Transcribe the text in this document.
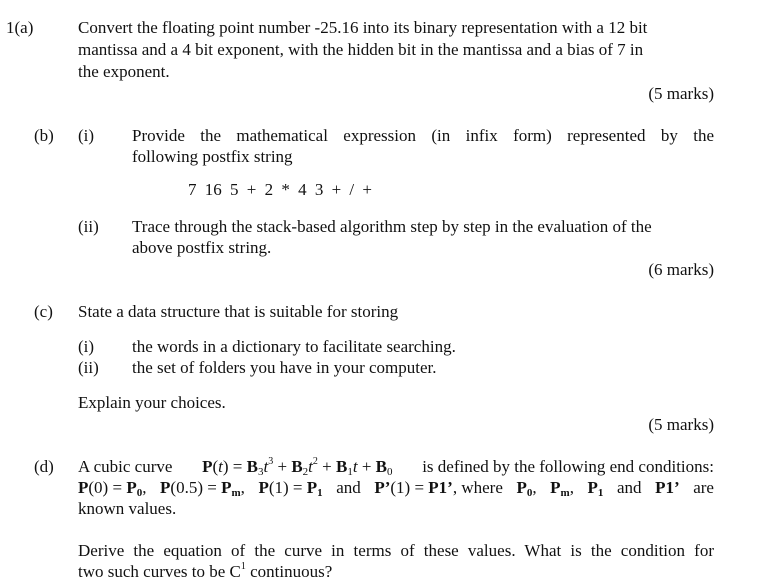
1(a)	Convert the floating point number -25.16 into its binary representation with a 12 bit
mantissa and a 4 bit exponent, with the hidden bit in the mantissa and a bias of 7 in
the exponent.
(5 marks)
(b) (i) Provide the mathematical expression (in infix form) represented by the
following postfix string
7 16 5 + 2 * 4 3 + / +
(ii) Trace through the stack-based algorithm step by step in the evaluation of the
above postfix string.
(6 marks)
(c) State a data structure that is suitable for storing
(i) the words in a dictionary to facilitate searching.
(ii) the set of folders you have in your computer.
Explain your choices.
(5 marks)
(d) A cubic curve $P(t) = B_3t^3 + B_2t^2 + B_1t + B_0$ is defined by the following end conditions:
$P(0) = P_0$, $P(0.5) = P_m$, $P(1) = P_1$ and P’(1) = P1’, where $P_0$, $P_m$, $P_1$ and P1’ are
known values.
Derive the equation of the curve in terms of these values. What is the condition for
two such curves to be $C^1$ continuous?
